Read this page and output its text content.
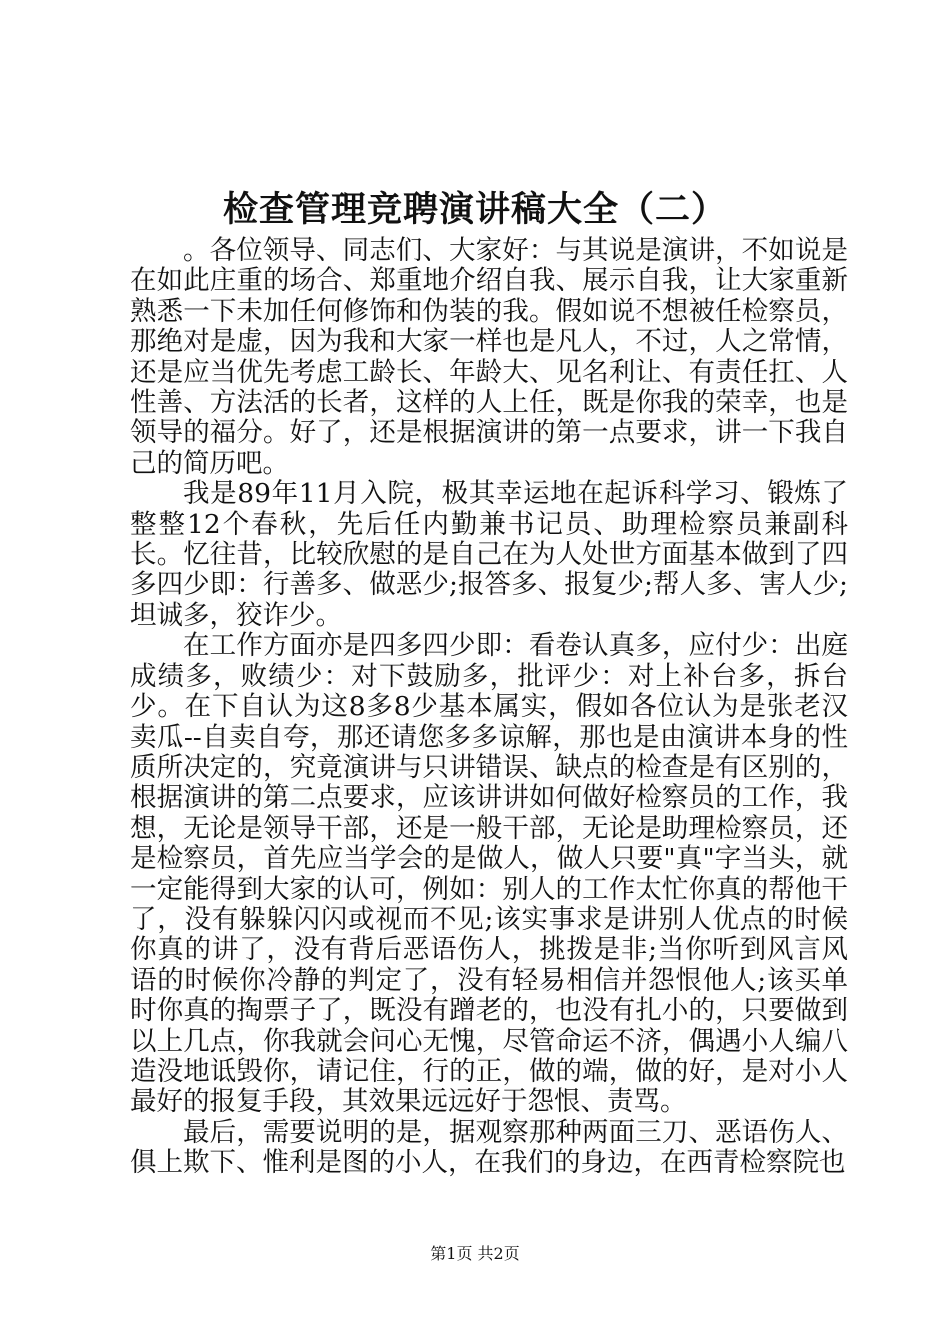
检查管理竞聘演讲稿大全（二）

。各位领导、同志们、大家好：与其说是演讲，不如说是在如此庄重的场合、郑重地介绍自我、展示自我，让大家重新熟悉一下未加任何修饰和伪装的我。假如说不想被任检察员，那绝对是虚，因为我和大家一样也是凡人，不过，人之常情，还是应当优先考虑工龄长、年龄大、见名利让、有责任扛、人性善、方法活的长者，这样的人上任，既是你我的荣幸，也是领导的福分。好了，还是根据演讲的第一点要求，讲一下我自己的简历吧。

我是89年11月入院，极其幸运地在起诉科学习、锻炼了整整12个春秋，先后任内勤兼书记员、助理检察员兼副科长。忆往昔，比较欣慰的是自己在为人处世方面基本做到了四多四少即：行善多、做恶少;报答多、报复少;帮人多、害人少;坦诚多，狡诈少。

在工作方面亦是四多四少即：看卷认真多，应付少：出庭成绩多，败绩少：对下鼓励多，批评少：对上补台多，拆台少。在下自认为这8多8少基本属实，假如各位认为是张老汉卖瓜--自卖自夸，那还请您多多谅解，那也是由演讲本身的性质所决定的，究竟演讲与只讲错误、缺点的检查是有区别的，根据演讲的第二点要求，应该讲讲如何做好检察员的工作，我想，无论是领导干部，还是一般干部，无论是助理检察员，还是检察员，首先应当学会的是做人，做人只要"真"字当头，就一定能得到大家的认可，例如：别人的工作太忙你真的帮他干了，没有躲躲闪闪或视而不见;该实事求是讲别人优点的时候你真的讲了，没有背后恶语伤人，挑拨是非;当你听到风言风语的时候你冷静的判定了，没有轻易相信并怨恨他人;该买单时你真的掏票子了，既没有蹭老的，也没有扎小的，只要做到以上几点，你我就会问心无愧，尽管命运不济，偶遇小人编八造没地诋毁你，请记住，行的正，做的端，做的好，是对小人最好的报复手段，其效果远远好于怨恨、责骂。

最后，需要说明的是，据观察那种两面三刀、恶语伤人、俱上欺下、惟利是图的小人，在我们的身边，在西青检察院也

第1页 共2页
